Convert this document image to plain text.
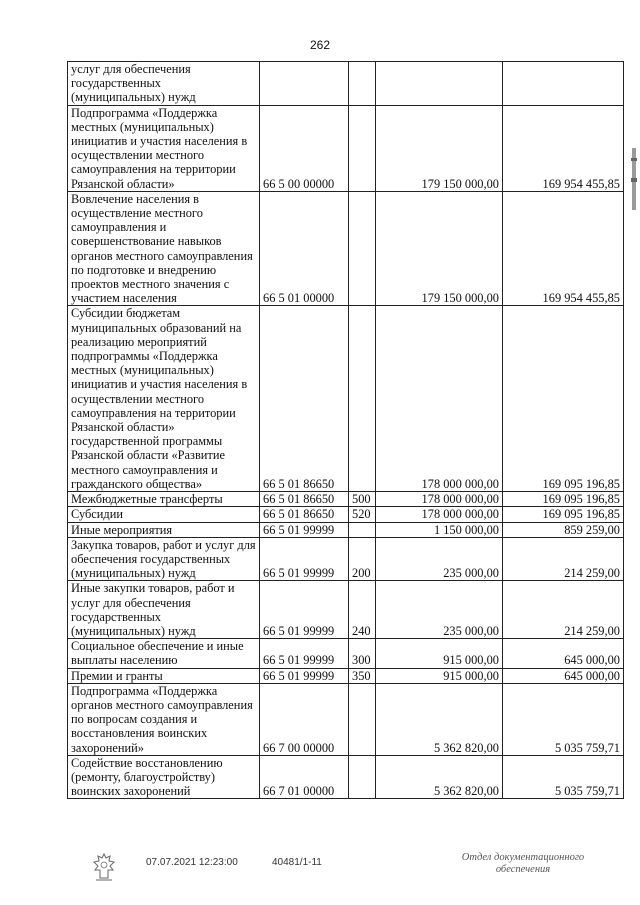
262
услуг для обеспечения государственных (муниципальных) нужд				
Подпрограмма «Поддержка местных (муниципальных) инициатив и участия населения в осуществлении местного самоуправления на территории Рязанской области»	66 5 00 00000		179 150 000,00	169 954 455,85
Вовлечение населения в осуществление местного самоуправления и совершенствование навыков органов местного самоуправления по подготовке и внедрению проектов местного значения с участием населения	66 5 01 00000		179 150 000,00	169 954 455,85
Субсидии бюджетам муниципальных образований на реализацию мероприятий подпрограммы «Поддержка местных (муниципальных) инициатив и участия населения в осуществлении местного самоуправления на территории Рязанской области» государственной программы Рязанской области «Развитие местного самоуправления и гражданского общества»	66 5 01 86650		178 000 000,00	169 095 196,85
Межбюджетные трансферты	66 5 01 86650	500	178 000 000,00	169 095 196,85
Субсидии	66 5 01 86650	520	178 000 000,00	169 095 196,85
Иные мероприятия	66 5 01 99999		1 150 000,00	859 259,00
Закупка товаров, работ и услуг для обеспечения государственных (муниципальных) нужд	66 5 01 99999	200	235 000,00	214 259,00
Иные закупки товаров, работ и услуг для обеспечения государственных (муниципальных) нужд	66 5 01 99999	240	235 000,00	214 259,00
Социальное обеспечение и иные выплаты населению	66 5 01 99999	300	915 000,00	645 000,00
Премии и гранты	66 5 01 99999	350	915 000,00	645 000,00
Подпрограмма «Поддержка органов местного самоуправления по вопросам создания и восстановления воинских захоронений»	66 7 00 00000		5 362 820,00	5 035 759,71
Содействие восстановлению (ремонту, благоустройству) воинских захоронений	66 7 01 00000		5 362 820,00	5 035 759,71
07.07.2021 12:23:00	40481/1-11	Отдел документационного
обеспечения
